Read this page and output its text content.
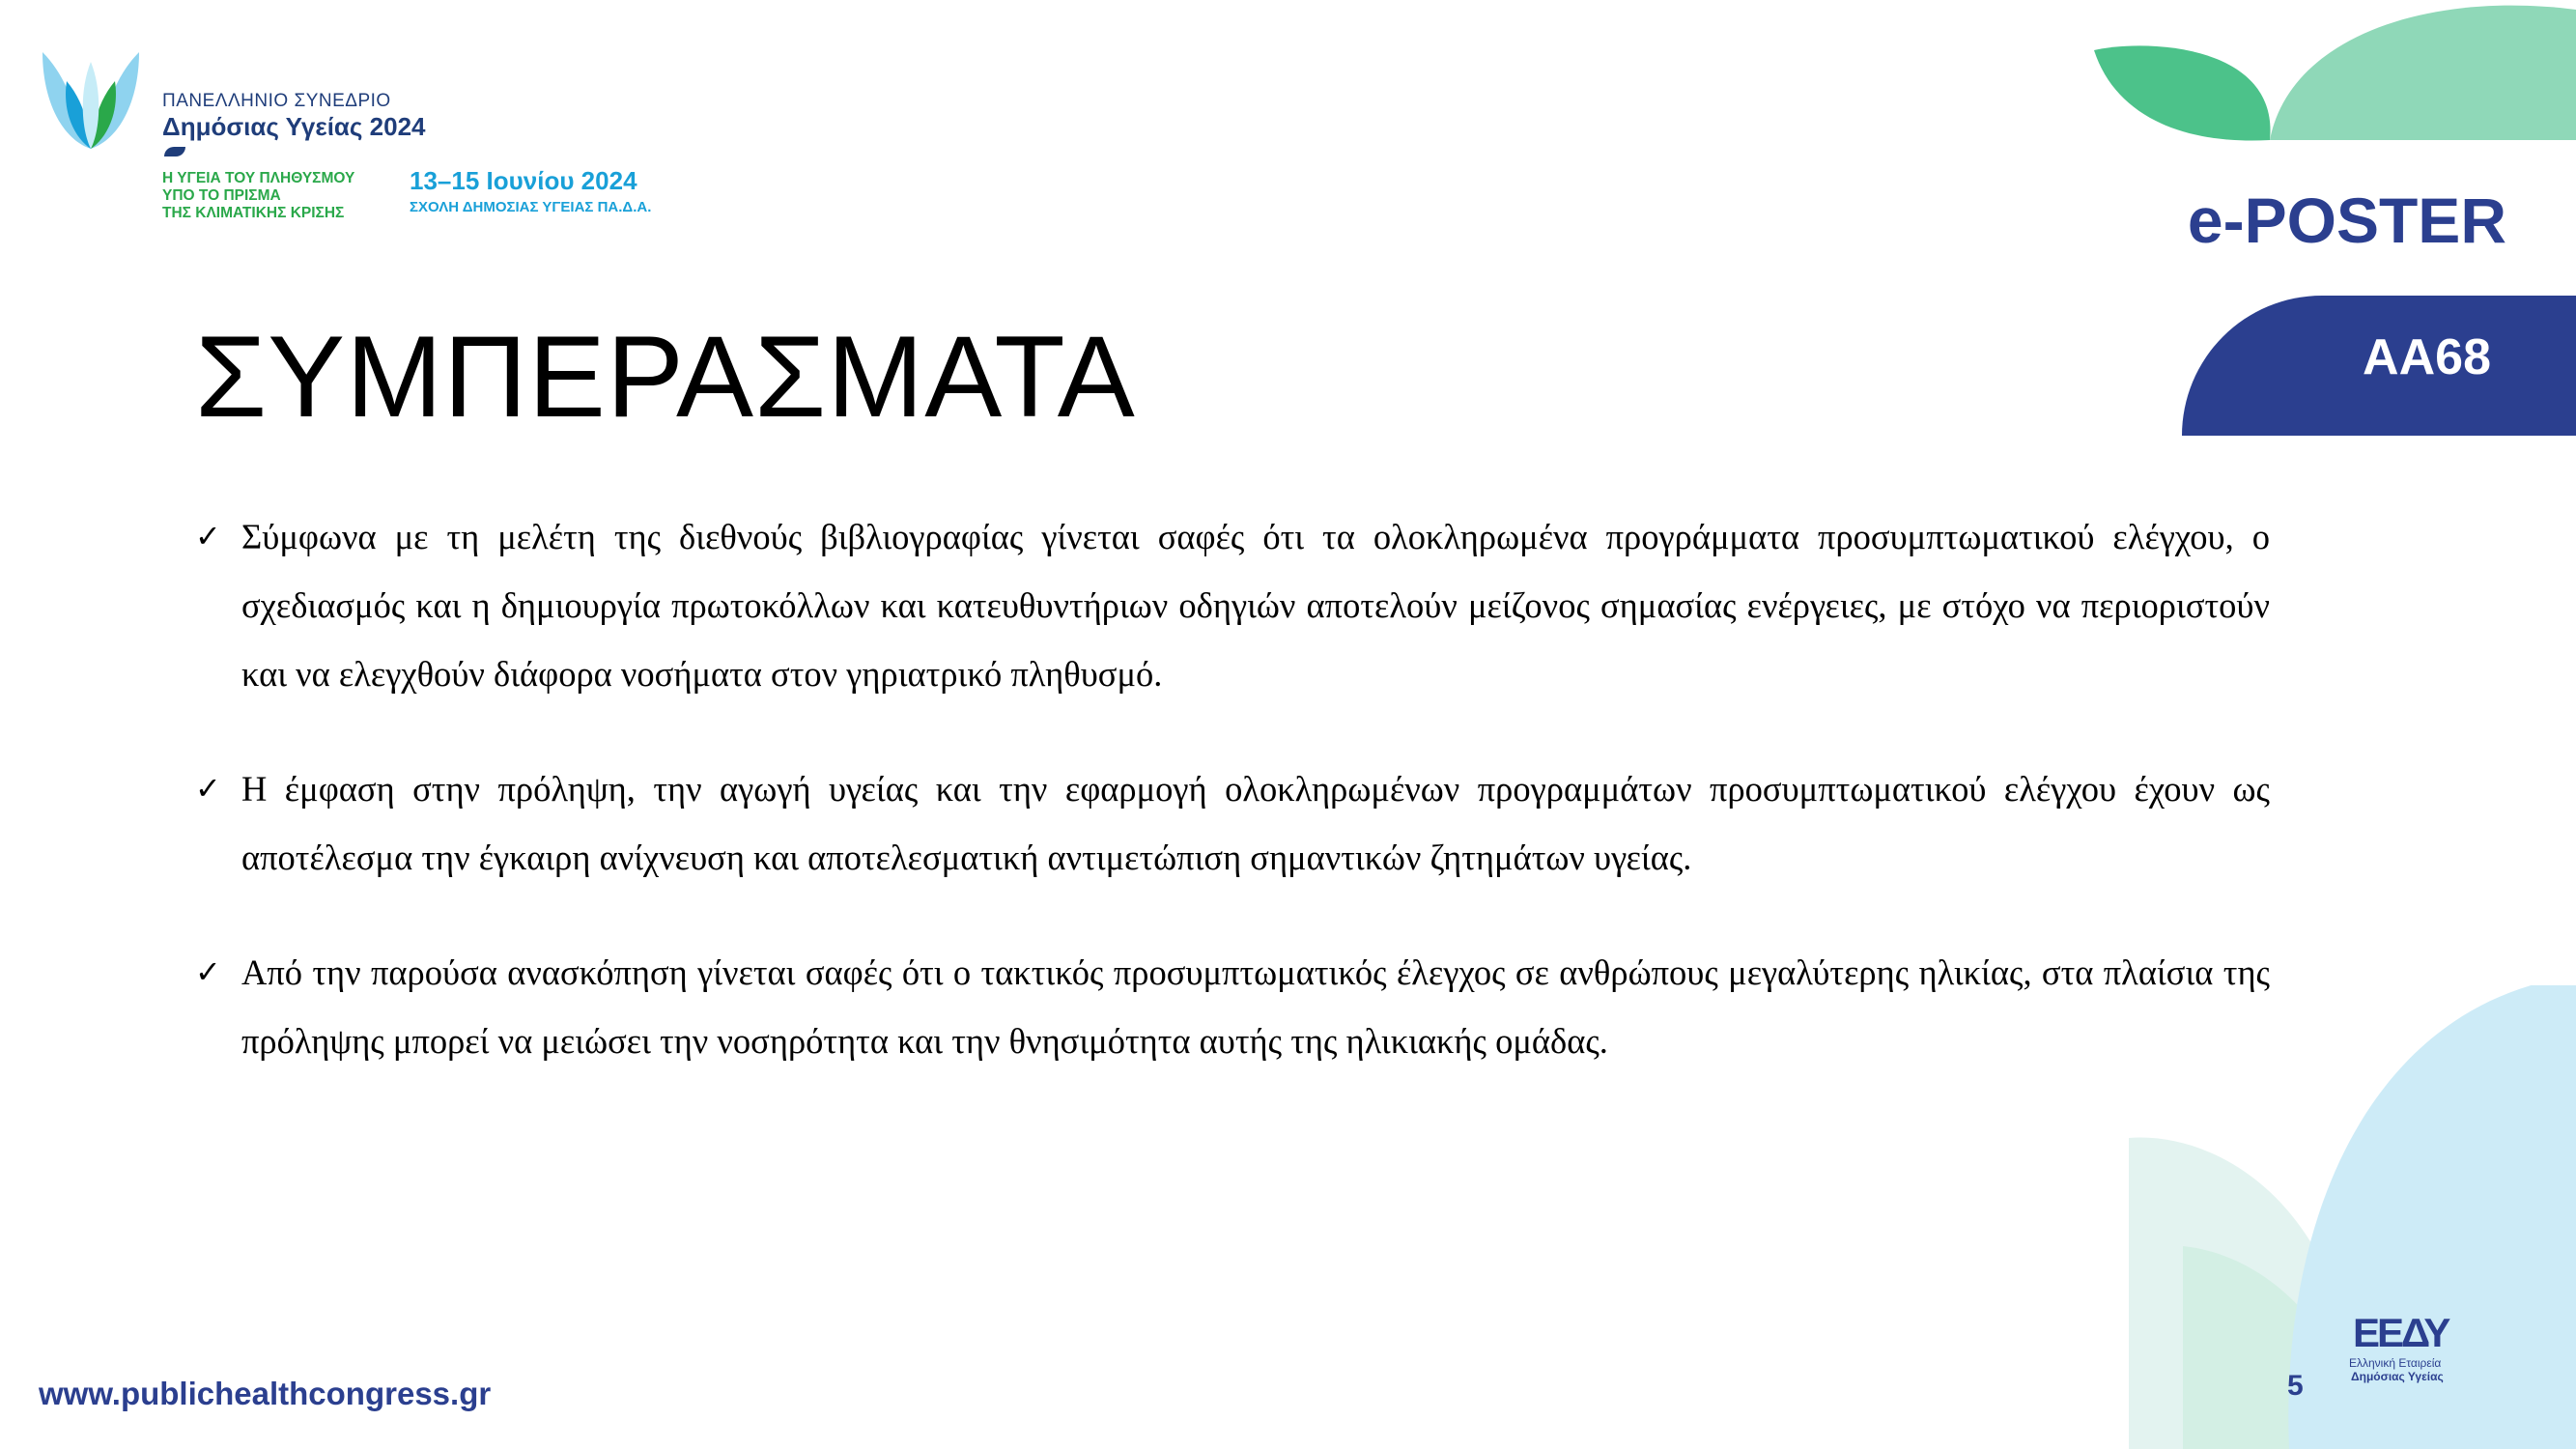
ΠΑΝΕΛΛΗΝΙΟ ΣΥΝΕΔΡΙΟ
Δημόσιας Υγείας 2024
Η ΥΓΕΙΑ ΤΟΥ ΠΛΗΘΥΣΜΟΥ
ΥΠΟ ΤΟ ΠΡΙΣΜΑ
ΤΗΣ ΚΛΙΜΑΤΙΚΗΣ ΚΡΙΣΗΣ
13–15 Ιουνίου 2024
ΣΧΟΛΗ ΔΗΜΟΣΙΑΣ ΥΓΕΙΑΣ ΠΑ.Δ.Α.	e-POSTER
ΑΑ68
ΣΥΜΠΕΡΑΣΜΑΤΑ
✓ Σύμφωνα με τη μελέτη της διεθνούς βιβλιογραφίας γίνεται σαφές ότι τα ολοκληρωμένα προγράμματα προσυμπτωματικού ελέγχου, ο σχεδιασμός και η δημιουργία πρωτοκόλλων και κατευθυντήριων οδηγιών αποτελούν μείζονος σημασίας ενέργειες, με στόχο να περιοριστούν και να ελεγχθούν διάφορα νοσήματα στον γηριατρικό πληθυσμό.
✓ Η έμφαση στην πρόληψη, την αγωγή υγείας και την εφαρμογή ολοκληρωμένων προγραμμάτων προσυμπτωματικού ελέγχου έχουν ως αποτέλεσμα την έγκαιρη ανίχνευση και αποτελεσματική αντιμετώπιση σημαντικών ζητημάτων υγείας.
✓ Από την παρούσα ανασκόπηση γίνεται σαφές ότι ο τακτικός προσυμπτωματικός έλεγχος σε ανθρώπους μεγαλύτερης ηλικίας, στα πλαίσια της πρόληψης μπορεί να μειώσει την νοσηρότητα και την θνησιμότητα αυτής της ηλικιακής ομάδας.
www.publichealthcongress.gr	5
ΕΕΔΥ
Ελληνική Εταιρεία
Δημόσιας Υγείας
